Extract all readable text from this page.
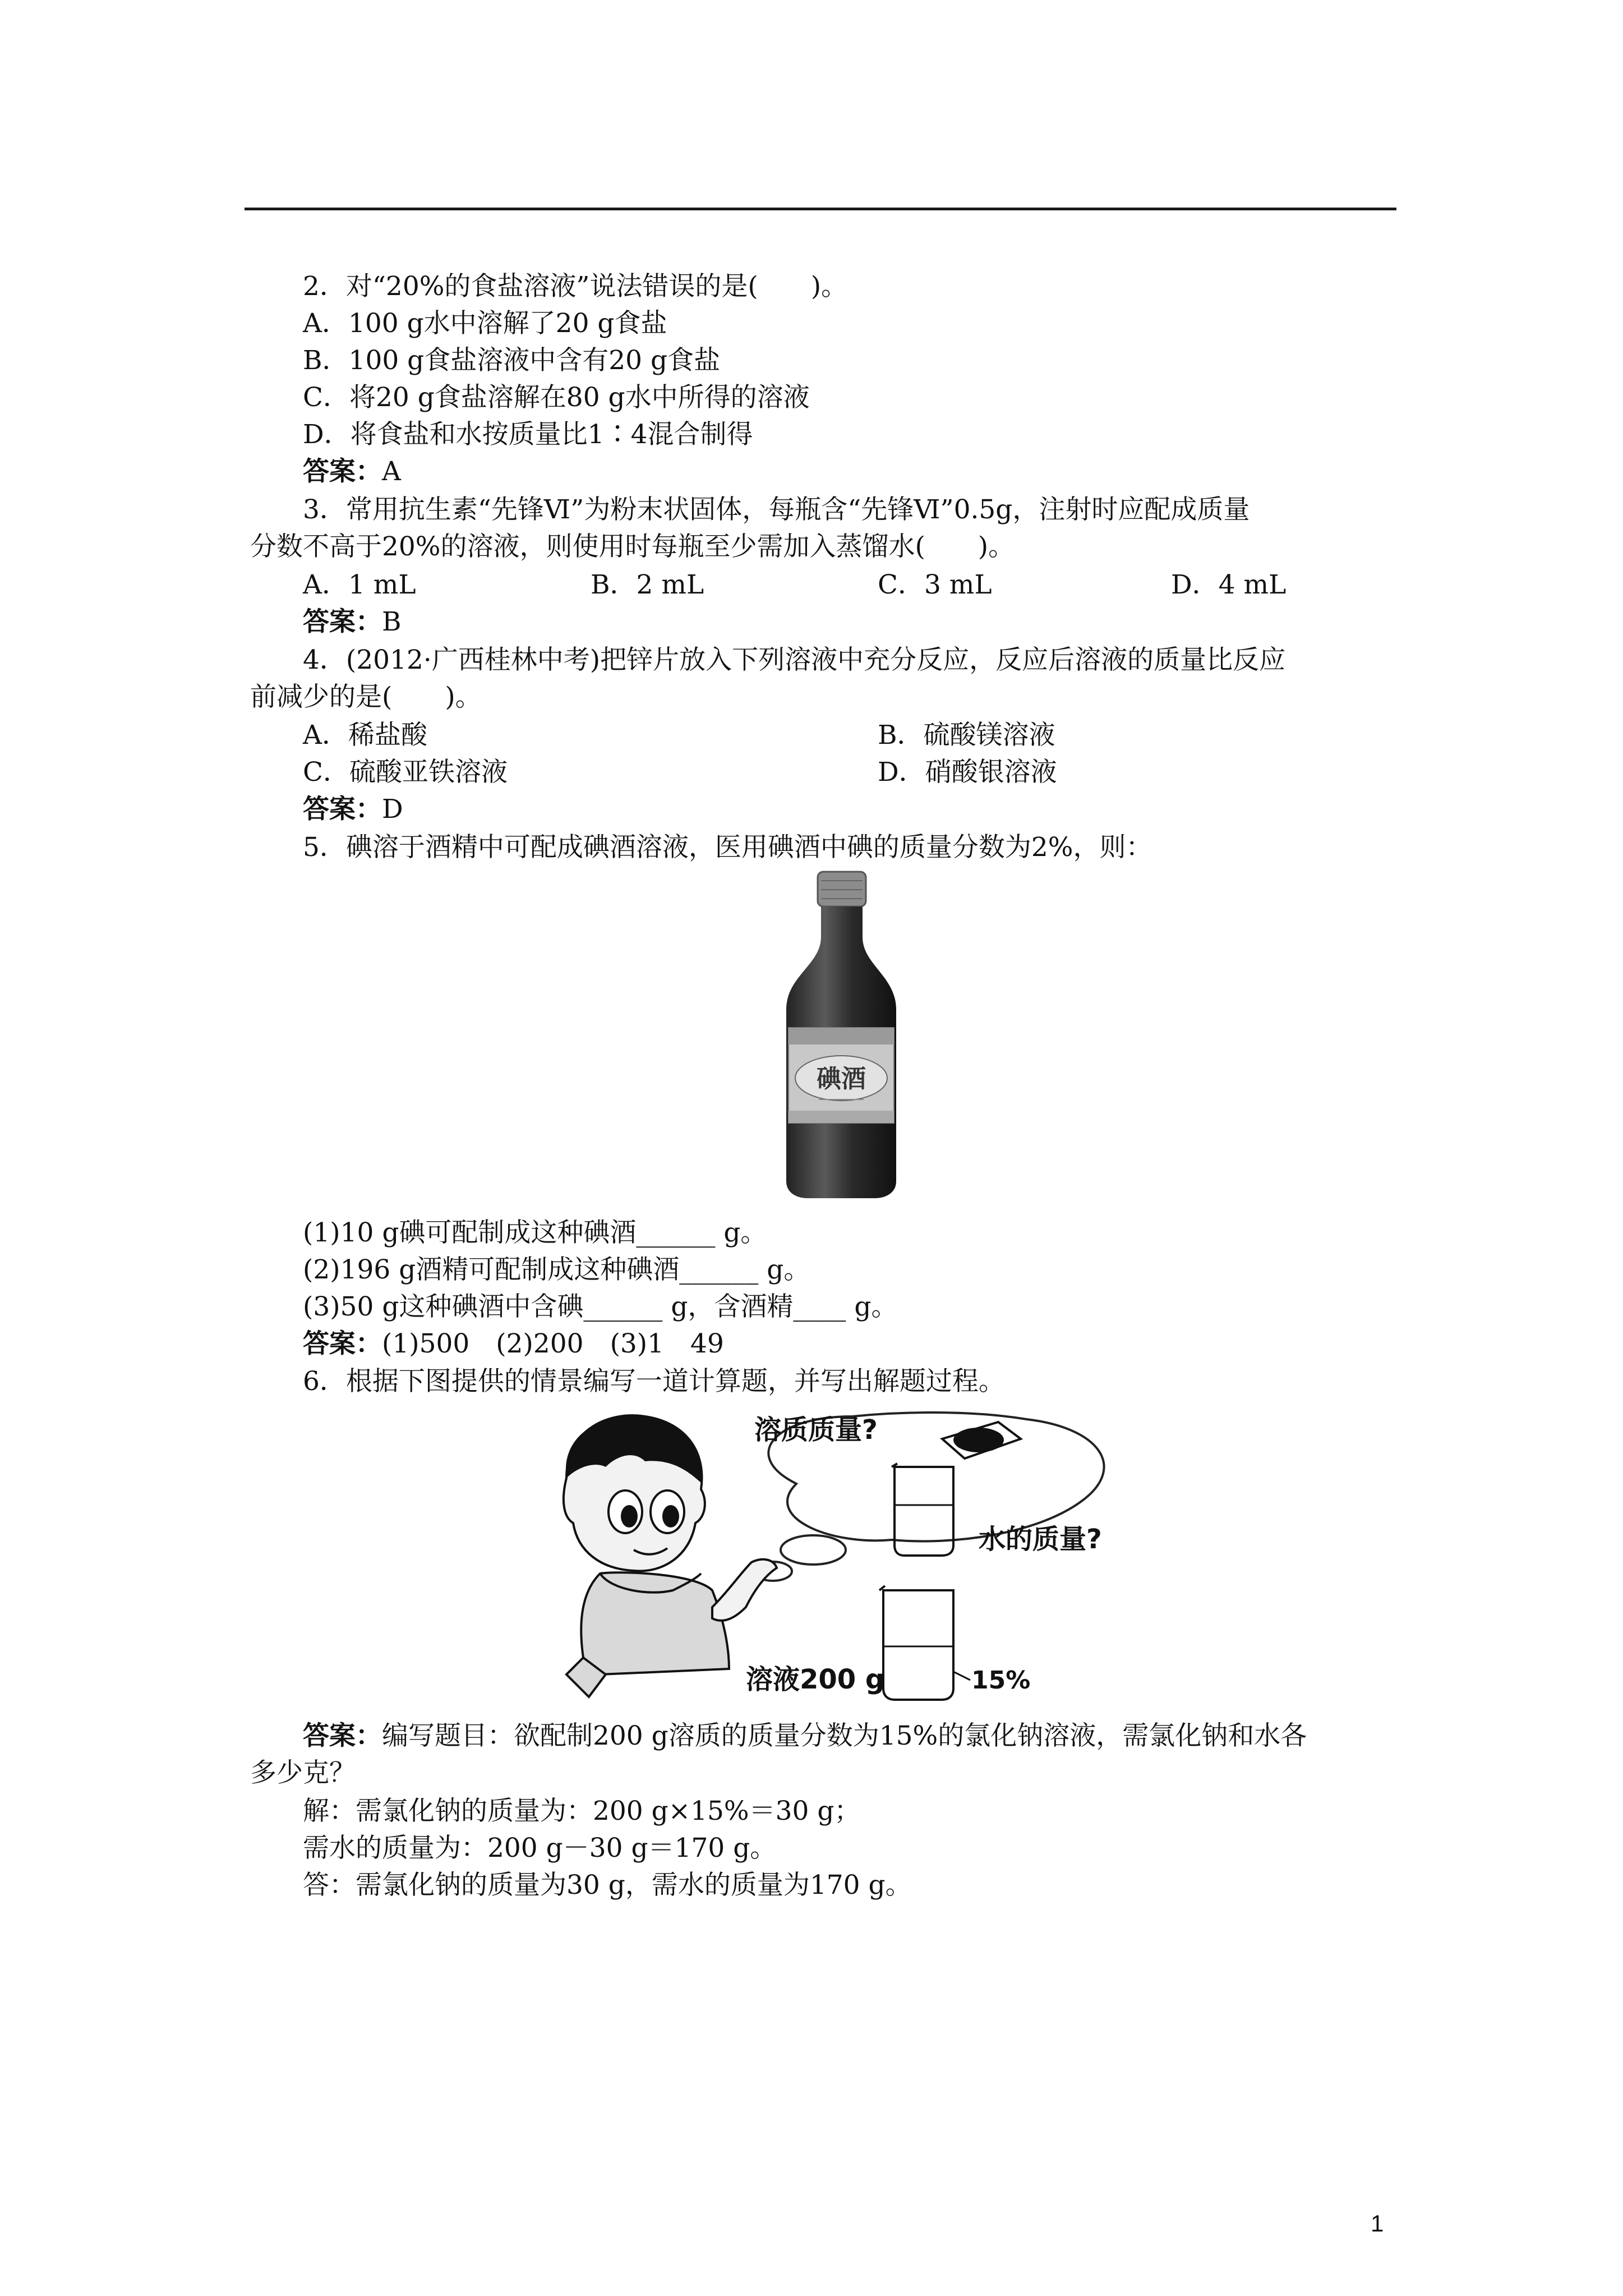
2．对“20%的食盐溶液”说法错误的是(　　)。
A．100 g水中溶解了20 g食盐
B．100 g食盐溶液中含有20 g食盐
C．将20 g食盐溶解在80 g水中所得的溶液
D．将食盐和水按质量比1∶4混合制得
答案：A
3．常用抗生素“先锋Ⅵ”为粉末状固体，每瓶含“先锋Ⅵ”0.5g，注射时应配成质量
分数不高于20%的溶液，则使用时每瓶至少需加入蒸馏水(　　)。
A．1 mL	B．2 mL	C．3 mL	D．4 mL
答案：B
4．(2012·广西桂林中考)把锌片放入下列溶液中充分反应，反应后溶液的质量比反应
前减少的是(　　)。
A．稀盐酸	B．硫酸镁溶液
C．硫酸亚铁溶液	D．硝酸银溶液
答案：D
5．碘溶于酒精中可配成碘酒溶液，医用碘酒中碘的质量分数为2%，则：
碘酒
(1)10 g碘可配制成这种碘酒______ g。
(2)196 g酒精可配制成这种碘酒______ g。
(3)50 g这种碘酒中含碘______ g，含酒精____ g。
答案：(1)500　(2)200　(3)1　49
6．根据下图提供的情景编写一道计算题，并写出解题过程。
溶质质量?
水的质量?
15%
溶液200 g
答案：编写题目：欲配制200 g溶质的质量分数为15%的氯化钠溶液，需氯化钠和水各
多少克？
解：需氯化钠的质量为：200 g×15%＝30 g；
需水的质量为：200 g－30 g＝170 g。
答：需氯化钠的质量为30 g，需水的质量为170 g。
1
